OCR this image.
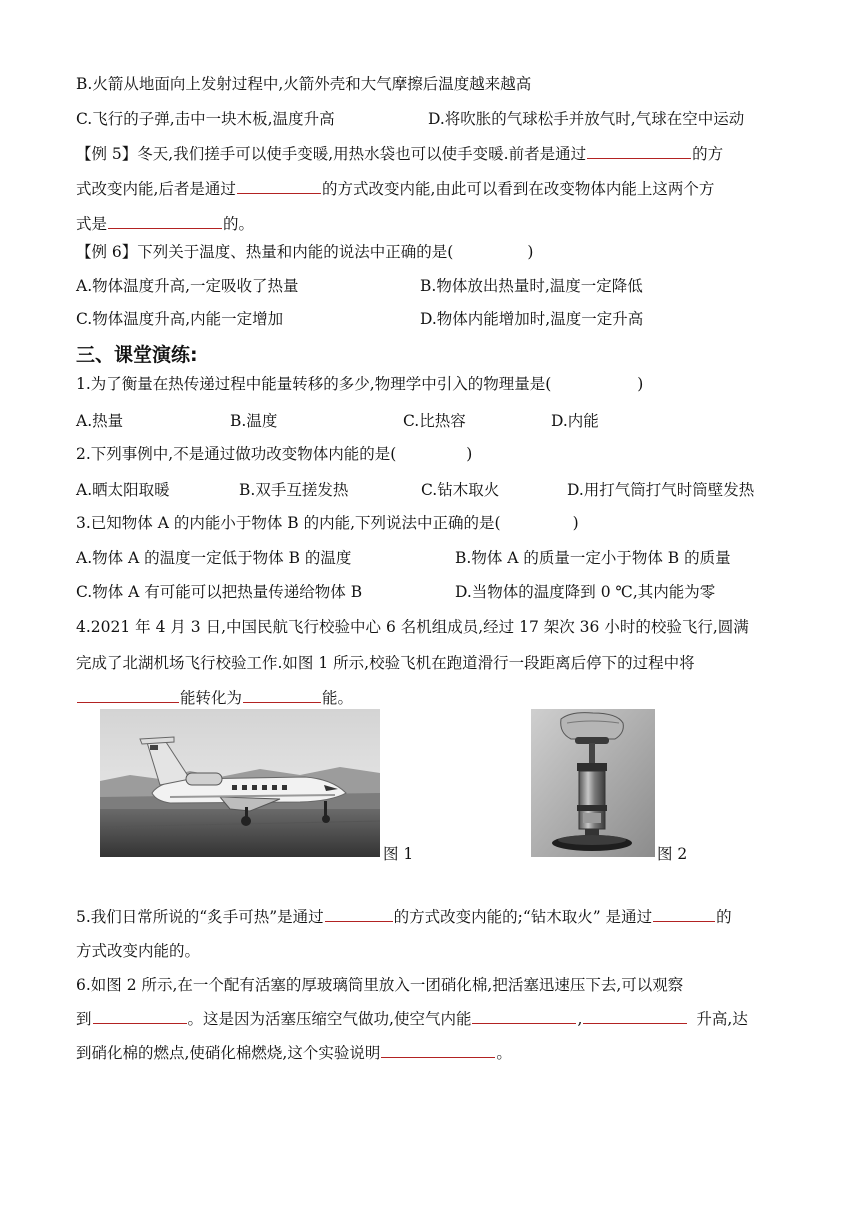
B.火箭从地面向上发射过程中,火箭外壳和大气摩擦后温度越来越高
C.飞行的子弹,击中一块木板,温度升高	D.将吹胀的气球松手并放气时,气球在空中运动
【例 5】冬天,我们搓手可以使手变暖,用热水袋也可以使手变暖.前者是通过	的方
式改变内能,后者是通过	的方式改变内能,由此可以看到在改变物体内能上这两个方
式是	的。
【例 6】下列关于温度、热量和内能的说法中正确的是(	)
A.物体温度升高,一定吸收了热量	B.物体放出热量时,温度一定降低
C.物体温度升高,内能一定增加	D.物体内能增加时,温度一定升高
三、课堂演练:
1.为了衡量在热传递过程中能量转移的多少,物理学中引入的物理量是(	)
A.热量	B.温度	C.比热容	D.内能
2.下列事例中,不是通过做功改变物体内能的是(	)
A.晒太阳取暖	B.双手互搓发热	C.钻木取火	D.用打气筒打气时筒壁发热
3.已知物体 A 的内能小于物体 B 的内能,下列说法中正确的是(	)
A.物体 A 的温度一定低于物体 B 的温度	B.物体 A 的质量一定小于物体 B 的质量
C.物体 A 有可能可以把热量传递给物体 B	D.当物体的温度降到 0 ℃,其内能为零
4.2021 年 4 月 3 日,中国民航飞行校验中心 6 名机组成员,经过 17 架次 36 小时的校验飞行,圆满
完成了北湖机场飞行校验工作.如图 1 所示,校验飞机在跑道滑行一段距离后停下的过程中将
能转化为	能。
图 1	图 2
5.我们日常所说的“炙手可热”是通过	的方式改变内能的;“钻木取火” 是通过	的
方式改变内能的。
6.如图 2 所示,在一个配有活塞的厚玻璃筒里放入一团硝化棉,把活塞迅速压下去,可以观察
到	。这是因为活塞压缩空气做功,使空气内能	,	升高,达
到硝化棉的燃点,使硝化棉燃烧,这个实验说明	。
